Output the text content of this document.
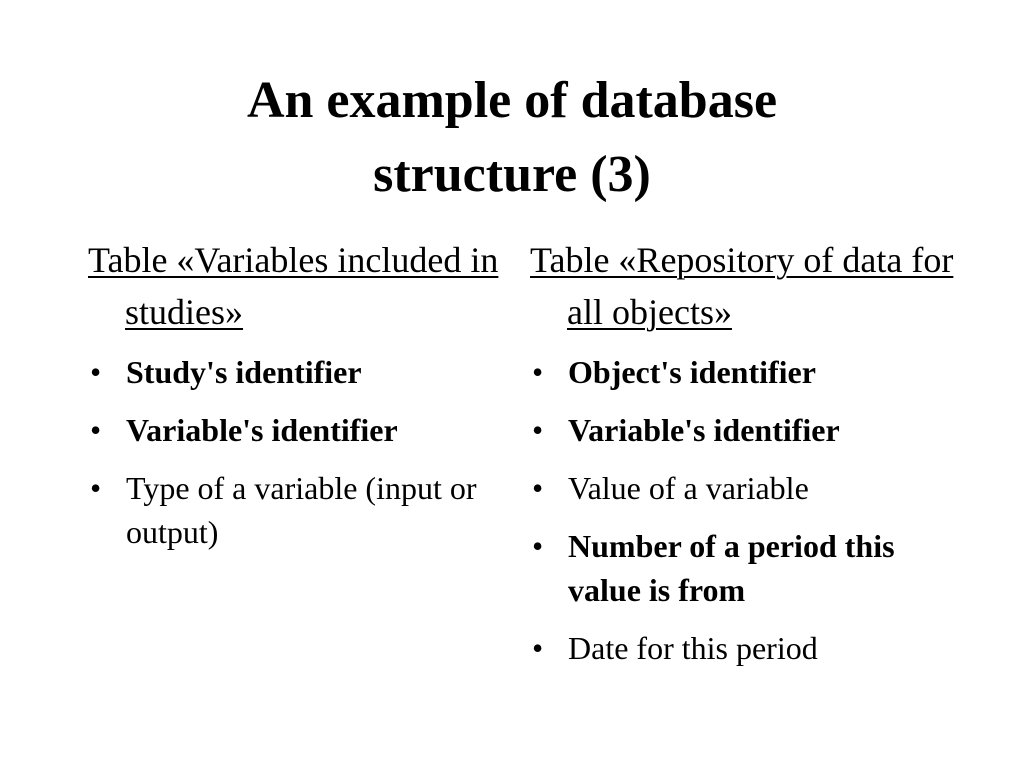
An example of database
structure (3)

Table «Variables included in studies»

• Study's identifier
• Variable's identifier
• Type of a variable (input or output)

Table «Repository of data for all objects»

• Object's identifier
• Variable's identifier
• Value of a variable
• Number of a period this value is from
• Date for this period
